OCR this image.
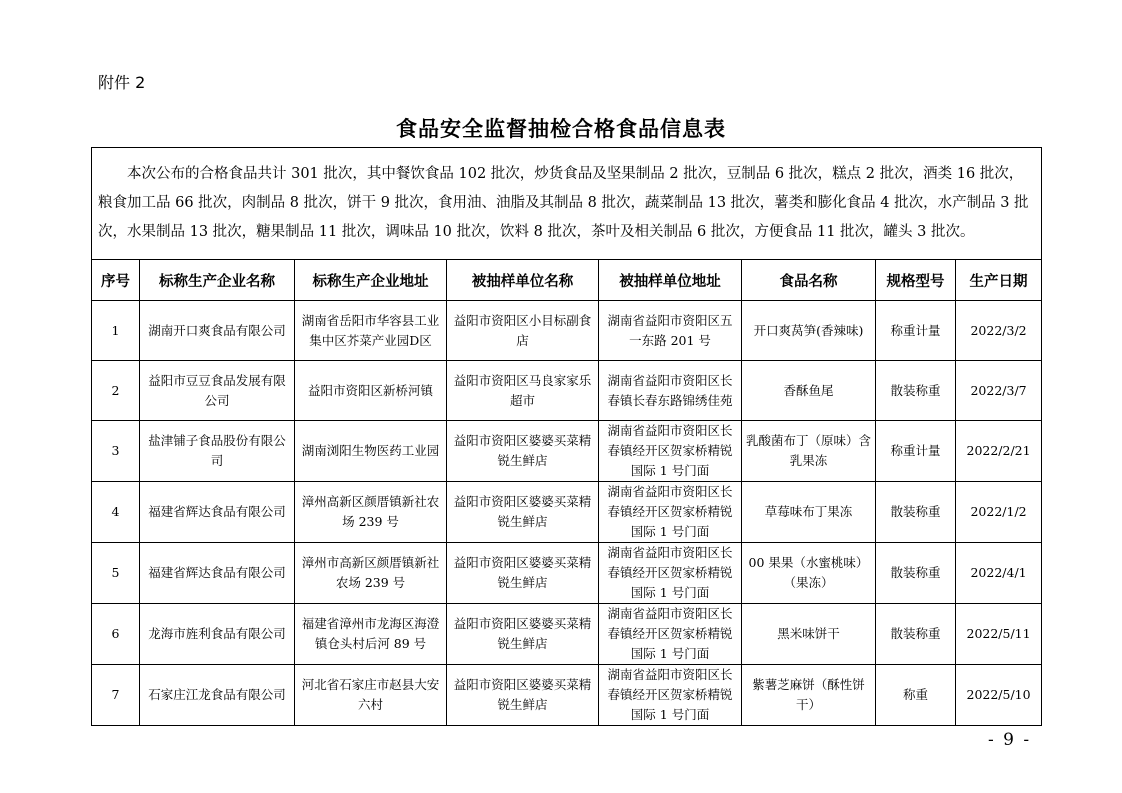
附件 2
食品安全监督抽检合格食品信息表
本次公布的合格食品共计 301 批次，其中餐饮食品 102 批次，炒货食品及坚果制品 2 批次，豆制品 6 批次，糕点 2 批次，酒类 16 批次，粮食加工品 66 批次，肉制品 8 批次，饼干 9 批次，食用油、油脂及其制品 8 批次，蔬菜制品 13 批次，薯类和膨化食品 4 批次，水产制品 3 批次，水果制品 13 批次，糖果制品 11 批次，调味品 10 批次，饮料 8 批次，茶叶及相关制品 6 批次，方便食品 11 批次，罐头 3 批次。							

序号	标称生产企业名称	标称生产企业地址	被抽样单位名称	被抽样单位地址	食品名称	规格型号	生产日期
1	湖南开口爽食品有限公司	湖南省岳阳市华容县工业集中区芥菜产业园D区	益阳市资阳区小目标副食店	湖南省益阳市资阳区五一东路 201 号	开口爽莴笋(香辣味)	称重计量	2022/3/2
2	益阳市豆豆食品发展有限公司	益阳市资阳区新桥河镇	益阳市资阳区马良家家乐超市	湖南省益阳市资阳区长春镇长春东路锦绣佳苑	香酥鱼尾	散装称重	2022/3/7
3	盐津铺子食品股份有限公司	湖南浏阳生物医药工业园	益阳市资阳区婆婆买菜精锐生鲜店	湖南省益阳市资阳区长春镇经开区贺家桥精锐国际 1 号门面	乳酸菌布丁（原味）含乳果冻	称重计量	2022/2/21
4	福建省辉达食品有限公司	漳州高新区颜厝镇新社农场 239 号	益阳市资阳区婆婆买菜精锐生鲜店	湖南省益阳市资阳区长春镇经开区贺家桥精锐国际 1 号门面	草莓味布丁果冻	散装称重	2022/1/2
5	福建省辉达食品有限公司	漳州市高新区颜厝镇新社农场 239 号	益阳市资阳区婆婆买菜精锐生鲜店	湖南省益阳市资阳区长春镇经开区贺家桥精锐国际 1 号门面	00 果果（水蜜桃味）（果冻）	散装称重	2022/4/1
6	龙海市旌利食品有限公司	福建省漳州市龙海区海澄镇仓头村后河 89 号	益阳市资阳区婆婆买菜精锐生鲜店	湖南省益阳市资阳区长春镇经开区贺家桥精锐国际 1 号门面	黑米味饼干	散装称重	2022/5/11
7	石家庄江龙食品有限公司	河北省石家庄市赵县大安六村	益阳市资阳区婆婆买菜精锐生鲜店	湖南省益阳市资阳区长春镇经开区贺家桥精锐国际 1 号门面	紫薯芝麻饼（酥性饼干）	称重	2022/5/10
- 9 -
